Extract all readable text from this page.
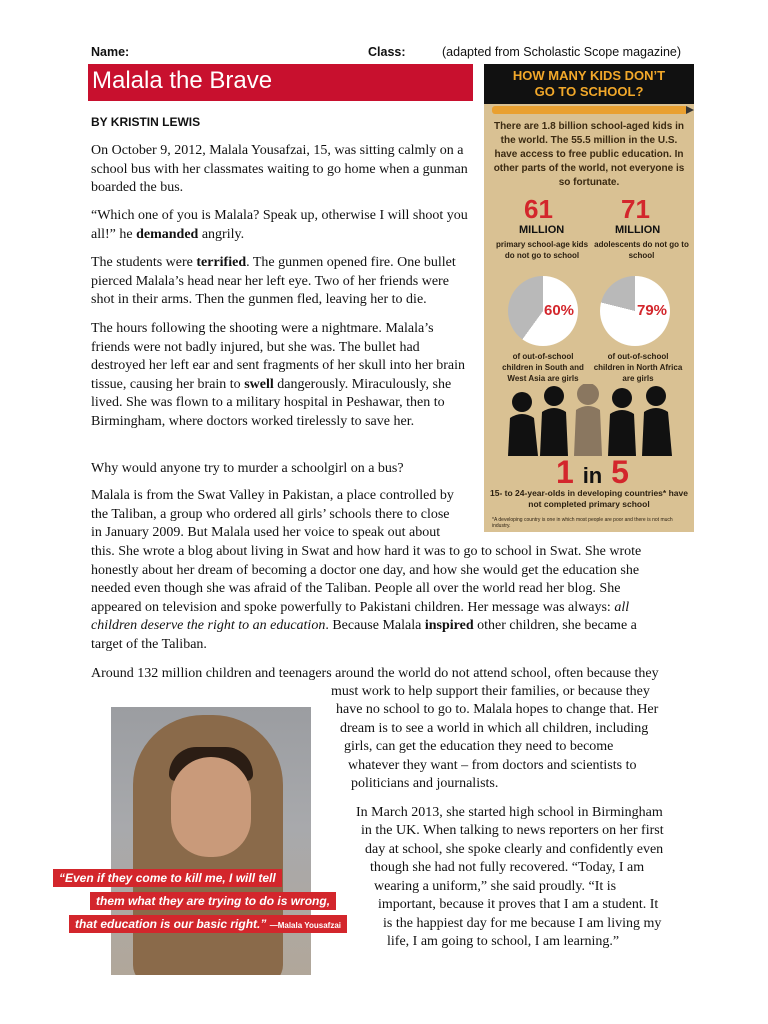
Name:	Class:	(adapted from Scholastic Scope magazine)
Malala the Brave
BY KRISTIN LEWIS

On October 9, 2012, Malala Yousafzai, 15, was sitting calmly on a school bus with her classmates waiting to go home when a gunman boarded the bus.

“Which one of you is Malala? Speak up, otherwise I will shoot you all!” he demanded angrily.

The students were terrified. The gunmen opened fire. One bullet pierced Malala’s head near her left eye. Two of her friends were shot in their arms. Then the gunmen fled, leaving her to die.

The hours following the shooting were a nightmare. Malala’s friends were not badly injured, but she was. The bullet had destroyed her left ear and sent fragments of her skull into her brain tissue, causing her brain to swell dangerously. Miraculously, she lived. She was flown to a military hospital in Peshawar, then to Birmingham, where doctors worked tirelessly to save her.

Why would anyone try to murder a schoolgirl on a bus?

Malala is from the Swat Valley in Pakistan, a place controlled by
the Taliban, a group who ordered all girls’ schools there to close
in January 2009. But Malala used her voice to speak out about

this. She wrote a blog about living in Swat and how hard it was to go to school in Swat. She wrote honestly about her dream of becoming a doctor one day, and how she would get the education she needed even though she was afraid of the Taliban. People all over the world read her blog. She appeared on television and spoke powerfully to Pakistani children. Her message was always: all children deserve the right to an education. Because Malala inspired other children, she became a target of the Taliban.

Around 132 million children and teenagers around the world do not attend school, often because they
must work to help support their families, or because they
have no school to go to. Malala hopes to change that. Her
dream is to see a world in which all children, including
girls, can get the education they need to become
whatever they want – from doctors and scientists to
politicians and journalists.
In March 2013, she started high school in Birmingham
in the UK. When talking to news reporters on her first
day at school, she spoke clearly and confidently even
though she had not fully recovered. “Today, I am
wearing a uniform,” she said proudly. “It is
important, because it proves that I am a student. It
is the happiest day for me because I am living my
life, I am going to school, I am learning.”
HOW MANY KIDS DON’T
GO TO SCHOOL?
There are 1.8 billion school-aged kids in the world. The 55.5 million in the U.S. have access to free public education. In other parts of the world, not everyone is so fortunate.
61
MILLION
primary school-age kids do not go to school
71
MILLION
adolescents do not go to school
60%
of out-of-school children in South and West Asia are girls
79%
of out-of-school children in North Africa are girls
1 in 5
15- to 24-year-olds in developing countries* have not completed primary school
*A developing country is one in which most people are poor and there is not much industry.
“Even if they come to kill me, I will tell
them what they are trying to do is wrong,
that education is our basic right.” —Malala Yousafzai
